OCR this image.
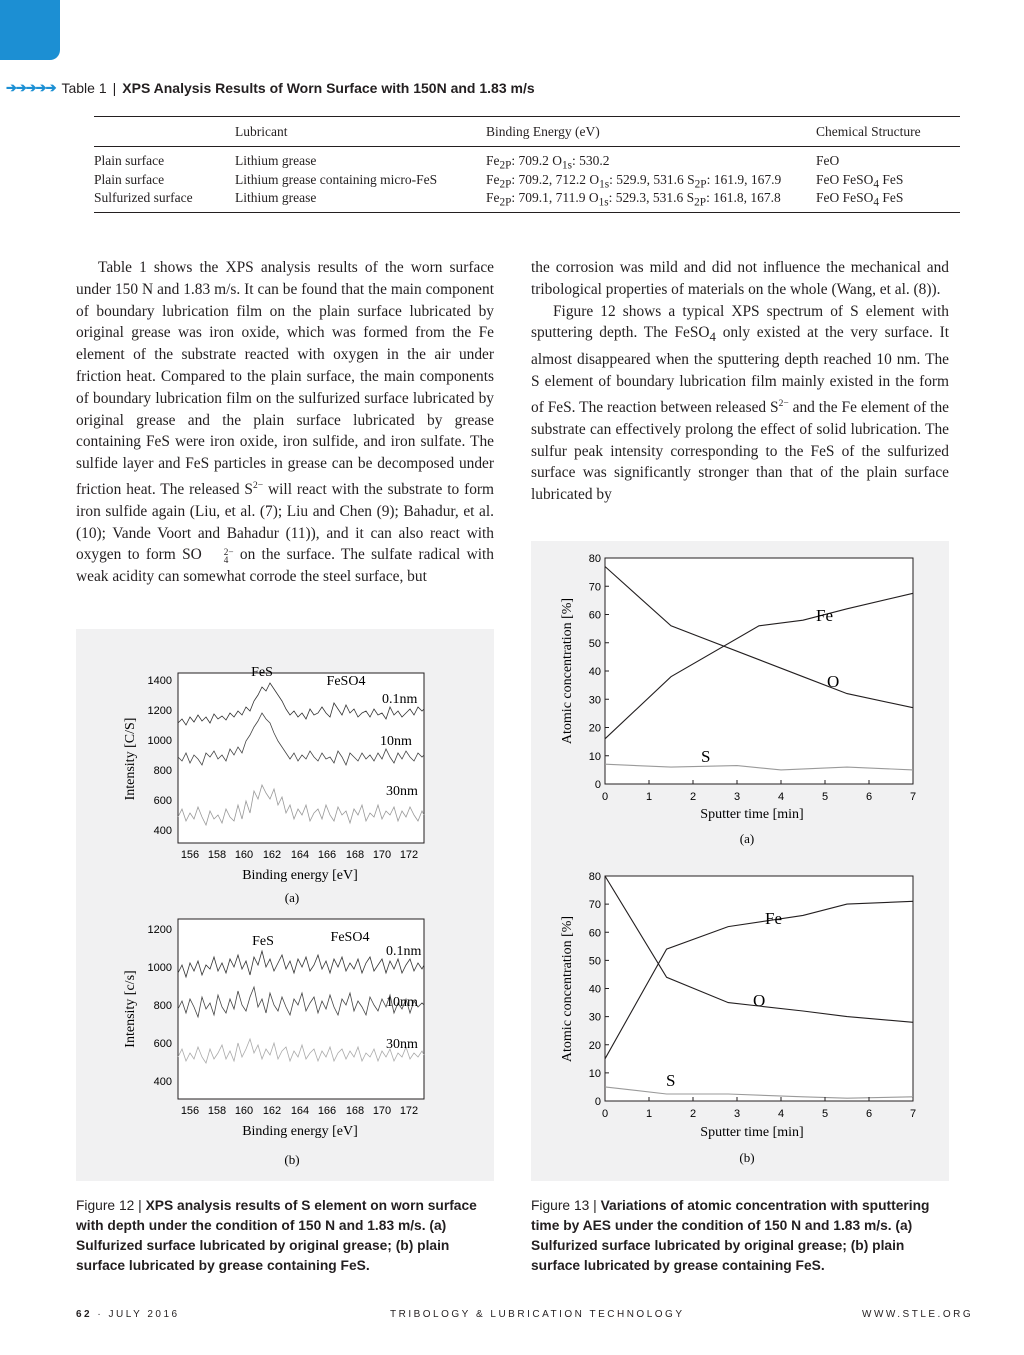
➔➔➔➔➔ Table 1 | XPS Analysis Results of Worn Surface with 150N and 1.83 m/s
	Lubricant	Binding Energy (eV)	Chemical Structure
Plain surface	Lithium grease	$Fe_{2P}$: 709.2 $O_{1s}$: 530.2	FeO
Plain surface	Lithium grease containing micro-FeS	$Fe_{2P}$: 709.2, 712.2 $O_{1s}$: 529.9, 531.6 $S_{2P}$: 161.9, 167.9	FeO FeSO$_4$ FeS
Sulfurized surface	Lithium grease	$Fe_{2P}$: 709.1, 711.9 $O_{1s}$: 529.3, 531.6 $S_{2P}$: 161.8, 167.8	FeO FeSO$_4$ FeS

Table 1 shows the XPS analysis results of the worn surface under 150 N and 1.83 m/s. It can be found that the main component of boundary lubrication film on the plain surface lubricated by original grease was iron oxide, which was formed from the Fe element of the substrate reacted with oxygen in the air under friction heat. Compared to the plain surface, the main components of boundary lubrication film on the sulfurized surface lubricated by original grease and the plain surface lubricated by grease containing FeS were iron oxide, iron sulfide, and iron sulfate. The sulfide layer and FeS particles in grease can be decomposed under friction heat. The released $S^{2-}$ will react with the substrate to form iron sulfide again (Liu, et al. (7); Liu and Chen (9); Bahadur, et al. (10); Vande Voort and Bahadur (11)), and it can also react with oxygen to form SO	2−
4 on the surface. The sulfate radical with weak acidity can somewhat corrode the steel surface, but

the corrosion was mild and did not influence the mechanical and tribological properties of materials on the whole (Wang, et al. (8)).

Figure 12 shows a typical XPS spectrum of S element with sputtering depth. The FeSO$_4$ only existed at the very surface. It almost disappeared when the sputtering depth reached 10 nm. The S element of boundary lubrication film mainly existed in the form of FeS. The reaction between released $S^{2-}$ and the Fe element of the substrate can effectively prolong the effect of solid lubrication. The sulfur peak intensity corresponding to the FeS of the sulfurized surface was significantly stronger than that of the plain surface lubricated by

1400
1200
1000
800
600
400
156 158 160 162 164 166 168 170 172
FeS
FeSO4
0.1nm
10nm
30nm
Intensity [C/S]
Binding energy [eV]
(a)
1200
1000
800
600
400
156 158 160 162 164 166 168 170 172
FeS	FeSO4
0.1nm
10nm
30nm
Intensity [c/s]
Binding energy [eV]
(b)
80
70
60
50
40
30
20
10
0
0	1	2	3	4	5	6	7
Fe
O
S
Atomic concentration [%]
Sputter time [min]
(a)
80
70
60
50
40
30
20
10
0
0	1	2	3	4	5	6	7
Fe
O
S
Atomic concentration [%]
Sputter time [min]
(b)
Figure 12 | XPS analysis results of S element on worn surface with depth under the condition of 150 N and 1.83 m/s. (a) Sulfurized surface lubricated by original grease; (b) plain surface lubricated by grease containing FeS.
Figure 13 | Variations of atomic concentration with sputtering time by AES under the condition of 150 N and 1.83 m/s. (a) Sulfurized surface lubricated by original grease; (b) plain surface lubricated by grease containing FeS.
62 · JULY 2016	TRIBOLOGY & LUBRICATION TECHNOLOGY	WWW.STLE.ORG
